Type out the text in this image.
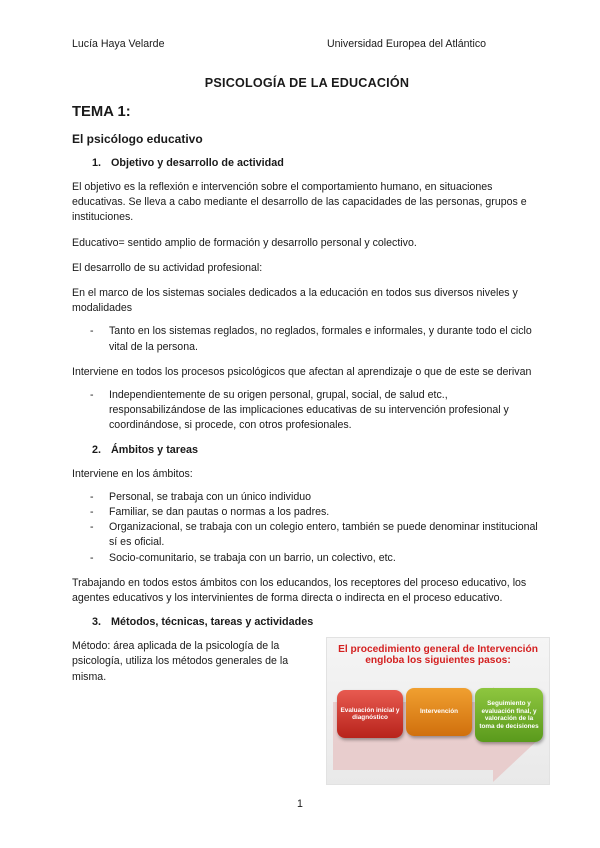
Lucía Haya Velarde	Universidad Europea del Atlántico
PSICOLOGÍA DE LA EDUCACIÓN
TEMA 1:
El psicólogo educativo
1. Objetivo y desarrollo de actividad

El objetivo es la reflexión e intervención sobre el comportamiento humano, en situaciones educativas. Se lleva a cabo mediante el desarrollo de las capacidades de las personas, grupos e instituciones.

Educativo= sentido amplio de formación y desarrollo personal y colectivo.

El desarrollo de su actividad profesional:

En el marco de los sistemas sociales dedicados a la educación en todos sus diversos niveles y modalidades

- Tanto en los sistemas reglados, no reglados, formales e informales, y durante todo el ciclo vital de la persona.

Interviene en todos los procesos psicológicos que afectan al aprendizaje o que de este se derivan

- Independientemente de su origen personal, grupal, social, de salud etc., responsabilizándose de las implicaciones educativas de su intervención profesional y coordinándose, si procede, con otros profesionales.
2. Ámbitos y tareas

Interviene en los ámbitos:

- Personal, se trabaja con un único individuo
- Familiar, se dan pautas o normas a los padres.
- Organizacional, se trabaja con un colegio entero, también se puede denominar institucional sí es oficial.
- Socio-comunitario, se trabaja con un barrio, un colectivo, etc.

Trabajando en todos estos ámbitos con los educandos, los receptores del proceso educativo, los agentes educativos y los intervinientes de forma directa o indirecta en el proceso educativo.

3. Métodos, técnicas, tareas y actividades
Método: área aplicada de la psicología de la psicología, utiliza los métodos generales de la misma.
El procedimiento general de Intervención engloba los siguientes pasos:
Evaluación inicial y diagnóstico
Intervención
Seguimiento y evaluación final, y valoración de la toma de decisiones
1
